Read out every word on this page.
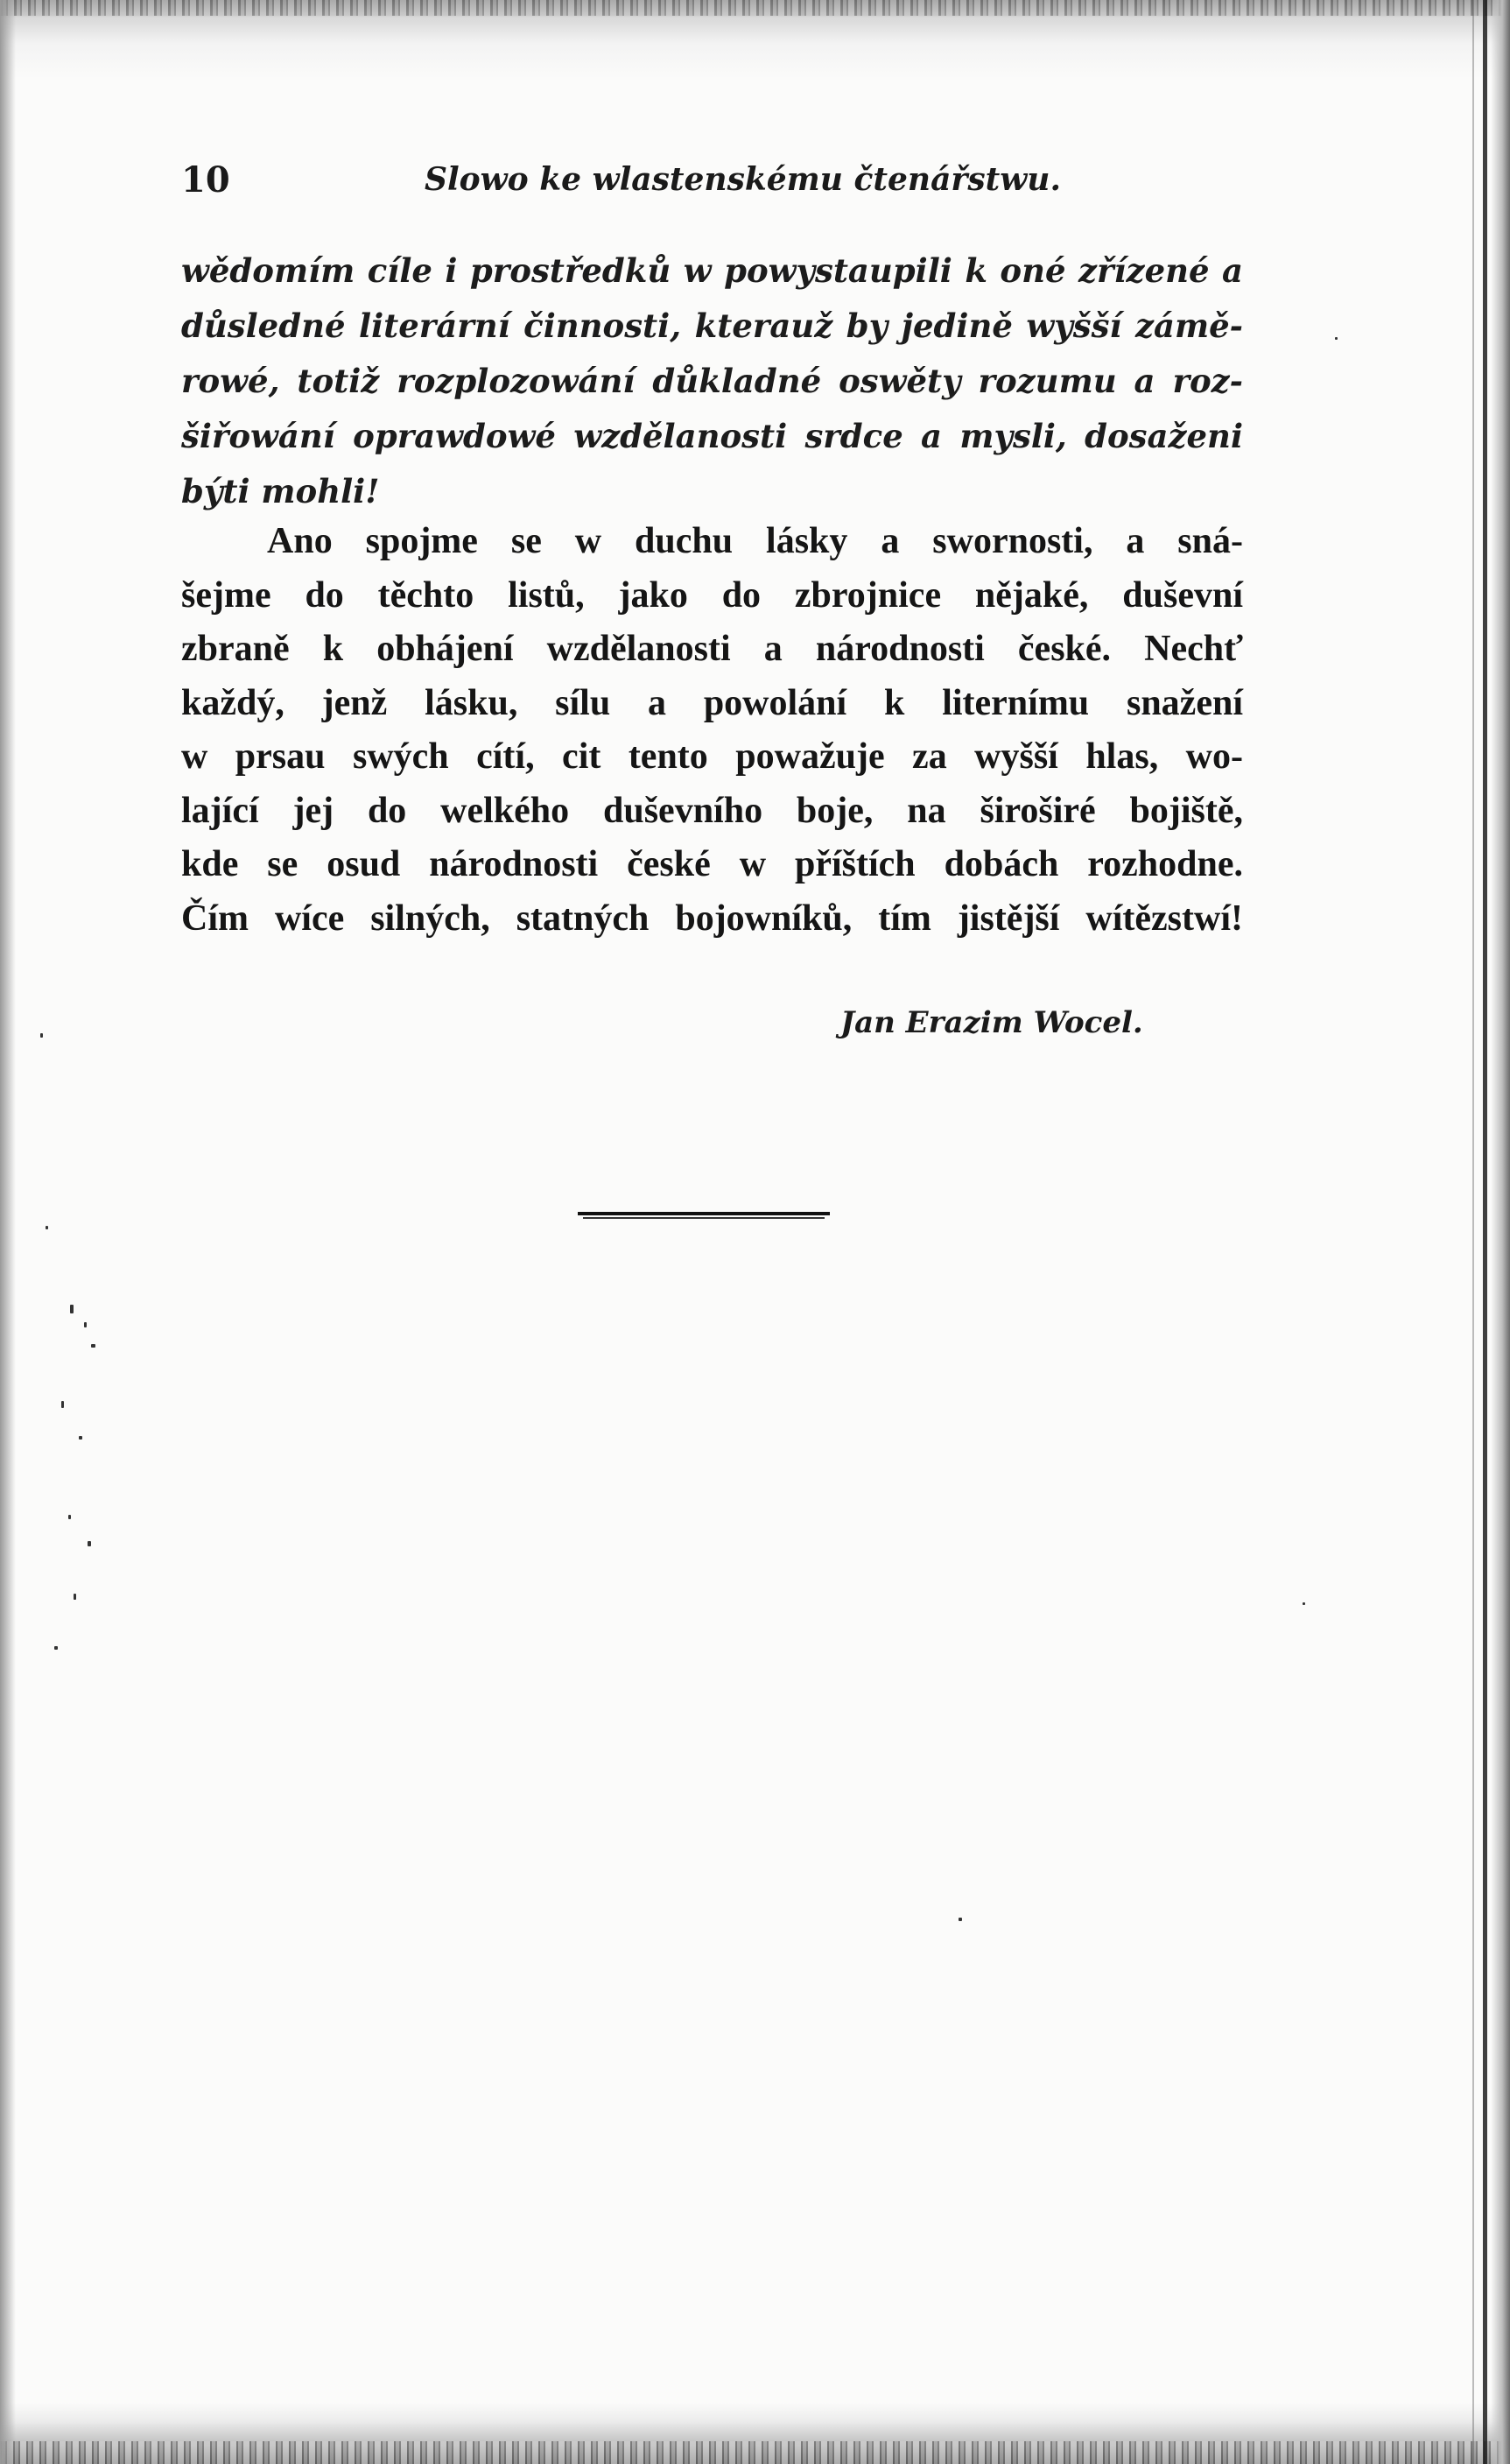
10	Slowo ke wlastenskému čtenářstwu.
wědomím cíle i prostředků w powystaupili k oné zřízené a
důsledné literární činnosti, kterauž by jedině wyšší zámě-
rowé, totiž rozplozowání důkladné oswěty rozumu a roz-
šiřowání oprawdowé wzdělanosti srdce a mysli, dosaženi
býti mohli!
Ano spojme se w duchu lásky a swornosti, a sná-
šejme do těchto listů, jako do zbrojnice nějaké, duševní
zbraně k obhájení wzdělanosti a národnosti české. Nechť
každý, jenž lásku, sílu a powolání k liternímu snažení
w prsau swých cítí, cit tento powažuje za wyšší hlas, wo-
lající jej do welkého duševního boje, na široširé bojiště,
kde se osud národnosti české w příštích dobách rozhodne.
Čím wíce silných, statných bojowníků, tím jistější wítězstwí!
Jan Erazim Wocel.
